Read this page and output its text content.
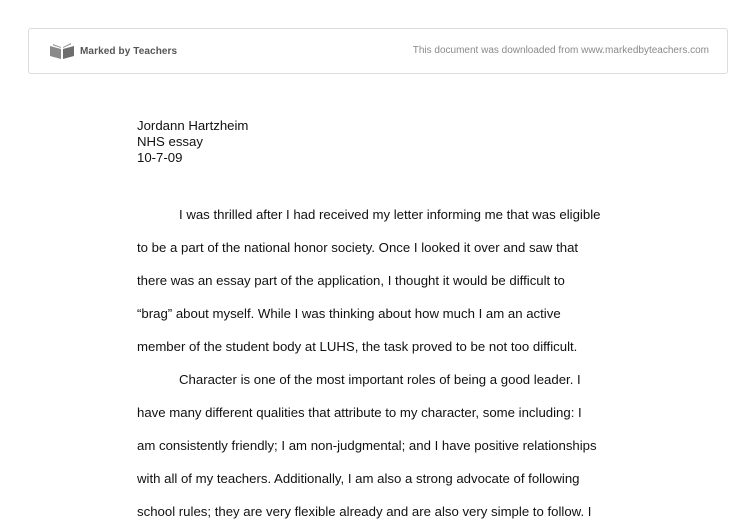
Marked by Teachers	This document was downloaded from www.markedbyteachers.com
Jordann Hartzheim
NHS essay
10-7-09
I was thrilled after I had received my letter informing me that was eligible
to be a part of the national honor society. Once I looked it over and saw that
there was an essay part of the application, I thought it would be difficult to
“brag” about myself. While I was thinking about how much I am an active
member of the student body at LUHS, the task proved to be not too difficult.
Character is one of the most important roles of being a good leader. I
have many different qualities that attribute to my character, some including: I
am consistently friendly; I am non-judgmental; and I have positive relationships
with all of my teachers. Additionally, I am also a strong advocate of following
school rules; they are very flexible already and are also very simple to follow. I
